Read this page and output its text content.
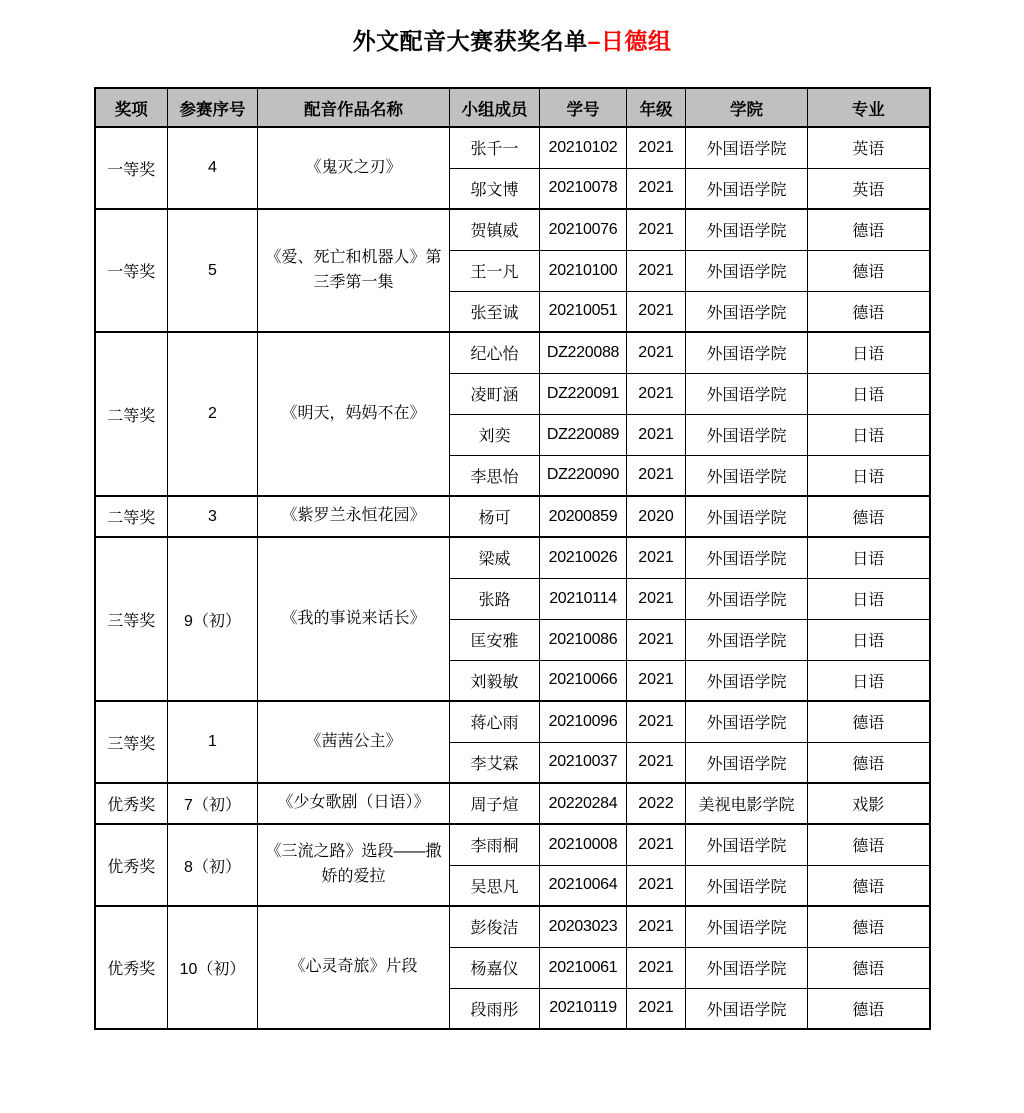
外文配音大赛获奖名单–日德组
奖项	参赛序号	配音作品名称	小组成员	学号	年级	学院	专业
一等奖	4	《鬼灭之刃》	张千一	20210102	2021	外国语学院	英语
			邬文博	20210078	2021	外国语学院	英语
一等奖	5	《爱、死亡和机器人》第三季第一集	贺镇威	20210076	2021	外国语学院	德语
			王一凡	20210100	2021	外国语学院	德语
			张至诚	20210051	2021	外国语学院	德语
二等奖	2	《明天，妈妈不在》	纪心怡	DZ220088	2021	外国语学院	日语
			凌町涵	DZ220091	2021	外国语学院	日语
			刘奕	DZ220089	2021	外国语学院	日语
			李思怡	DZ220090	2021	外国语学院	日语
二等奖	3	《紫罗兰永恒花园》	杨可	20200859	2020	外国语学院	德语
三等奖	9（初）	《我的事说来话长》	梁威	20210026	2021	外国语学院	日语
			张路	20210114	2021	外国语学院	日语
			匡安雅	20210086	2021	外国语学院	日语
			刘毅敏	20210066	2021	外国语学院	日语
三等奖	1	《茜茜公主》	蒋心雨	20210096	2021	外国语学院	德语
			李艾霖	20210037	2021	外国语学院	德语
优秀奖	7（初）	《少女歌剧（日语）》	周子煊	20220284	2022	美视电影学院	戏影
优秀奖	8（初）	《三流之路》选段——撒娇的爱拉	李雨桐	20210008	2021	外国语学院	德语
			吴思凡	20210064	2021	外国语学院	德语
优秀奖	10（初）	《心灵奇旅》片段	彭俊洁	20203023	2021	外国语学院	德语
			杨嘉仪	20210061	2021	外国语学院	德语
			段雨彤	20210119	2021	外国语学院	德语
